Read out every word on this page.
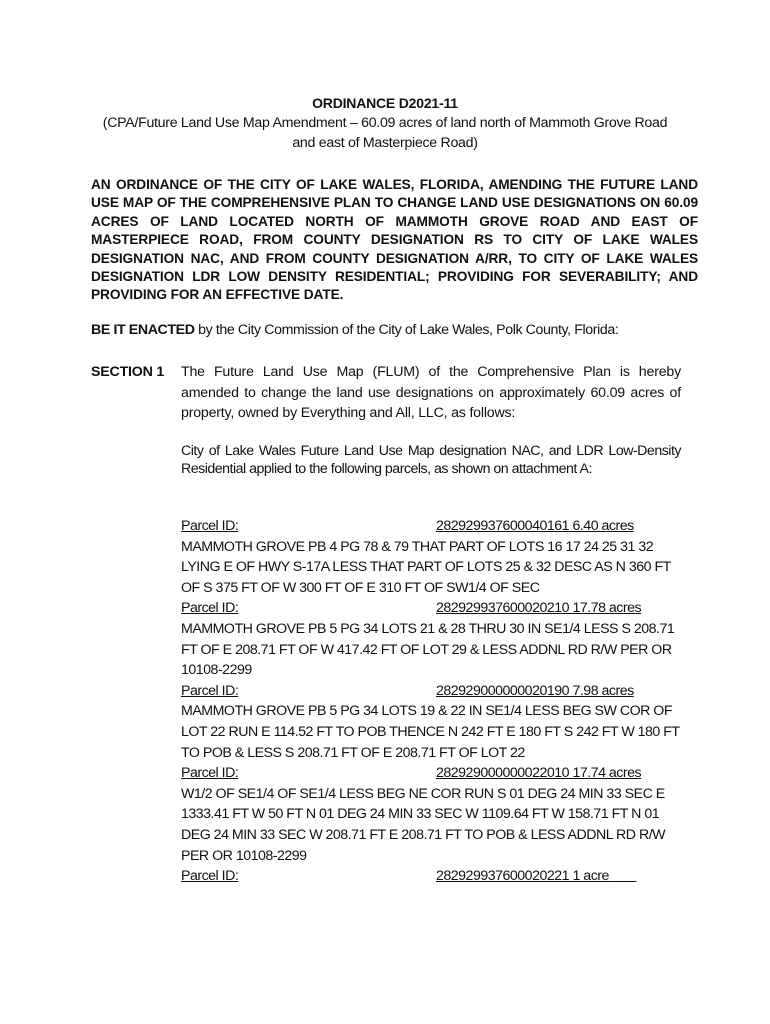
ORDINANCE D2021-11
(CPA/Future Land Use Map Amendment – 60.09 acres of land north of Mammoth Grove Road and east of Masterpiece Road)
AN ORDINANCE OF THE CITY OF LAKE WALES, FLORIDA, AMENDING THE FUTURE LAND USE MAP OF THE COMPREHENSIVE PLAN TO CHANGE LAND USE DESIGNATIONS ON 60.09 ACRES OF LAND LOCATED NORTH OF MAMMOTH GROVE ROAD AND EAST OF MASTERPIECE ROAD, FROM COUNTY DESIGNATION RS TO CITY OF LAKE WALES DESIGNATION NAC, AND FROM COUNTY DESIGNATION A/RR, TO CITY OF LAKE WALES DESIGNATION LDR LOW DENSITY RESIDENTIAL; PROVIDING FOR SEVERABILITY; AND PROVIDING FOR AN EFFECTIVE DATE.
BE IT ENACTED by the City Commission of the City of Lake Wales, Polk County, Florida:
SECTION 1 The Future Land Use Map (FLUM) of the Comprehensive Plan is hereby amended to change the land use designations on approximately 60.09 acres of property, owned by Everything and All, LLC, as follows:
City of Lake Wales Future Land Use Map designation NAC, and LDR Low-Density Residential applied to the following parcels, as shown on attachment A:
Parcel ID:	282929937600040161 6.40 acres
MAMMOTH GROVE PB 4 PG 78 & 79 THAT PART OF LOTS 16 17 24 25 31 32 LYING E OF HWY S-17A LESS THAT PART OF LOTS 25 & 32 DESC AS N 360 FT OF S 375 FT OF W 300 FT OF E 310 FT OF SW1/4 OF SEC
Parcel ID:	282929937600020210 17.78 acres
MAMMOTH GROVE PB 5 PG 34 LOTS 21 & 28 THRU 30 IN SE1/4 LESS S 208.71 FT OF E 208.71 FT OF W 417.42 FT OF LOT 29 & LESS ADDNL RD R/W PER OR 10108-2299
Parcel ID:	282929000000020190 7.98 acres
MAMMOTH GROVE PB 5 PG 34 LOTS 19 & 22 IN SE1/4 LESS BEG SW COR OF LOT 22 RUN E 114.52 FT TO POB THENCE N 242 FT E 180 FT S 242 FT W 180 FT TO POB & LESS S 208.71 FT OF E 208.71 FT OF LOT 22
Parcel ID:	282929000000022010 17.74 acres
W1/2 OF SE1/4 OF SE1/4 LESS BEG NE COR RUN S 01 DEG 24 MIN 33 SEC E 1333.41 FT W 50 FT N 01 DEG 24 MIN 33 SEC W 1109.64 FT W 158.71 FT N 01 DEG 24 MIN 33 SEC W 208.71 FT E 208.71 FT TO POB & LESS ADDNL RD R/W PER OR 10108-2299
Parcel ID:	282929937600020221 1 acre
